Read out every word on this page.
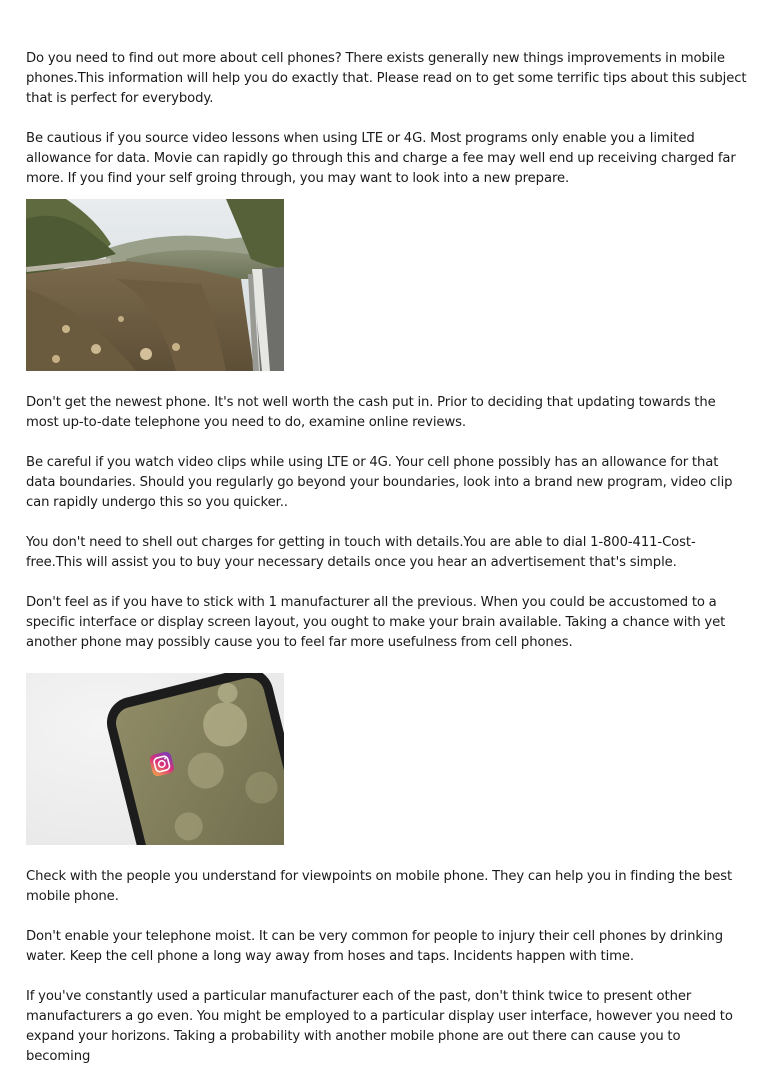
Do you need to find out more about cell phones? There exists generally new things improvements in mobile phones.This information will help you do exactly that. Please read on to get some terrific tips about this subject that is perfect for everybody.

Be cautious if you source video lessons when using LTE or 4G. Most programs only enable you a limited allowance for data. Movie can rapidly go through this and charge a fee may well end up receiving charged far more. If you find your self groing through, you may want to look into a new prepare.

Don't get the newest phone. It's not well worth the cash put in. Prior to deciding that updating towards the most up-to-date telephone you need to do, examine online reviews.

Be careful if you watch video clips while using LTE or 4G. Your cell phone possibly has an allowance for that data boundaries. Should you regularly go beyond your boundaries, look into a brand new program, video clip can rapidly undergo this so you quicker..

You don't need to shell out charges for getting in touch with details.You are able to dial 1-800-411-Cost-free.This will assist you to buy your necessary details once you hear an advertisement that's simple.

Don't feel as if you have to stick with 1 manufacturer all the previous. When you could be accustomed to a specific interface or display screen layout, you ought to make your brain available. Taking a chance with yet another phone may possibly cause you to feel far more usefulness from cell phones.

Check with the people you understand for viewpoints on mobile phone. They can help you in finding the best mobile phone.

Don't enable your telephone moist. It can be very common for people to injury their cell phones by drinking water. Keep the cell phone a long way away from hoses and taps. Incidents happen with time.

If you've constantly used a particular manufacturer each of the past, don't think twice to present other manufacturers a go even. You might be employed to a particular display user interface, however you need to expand your horizons. Taking a probability with another mobile phone are out there can cause you to becoming
